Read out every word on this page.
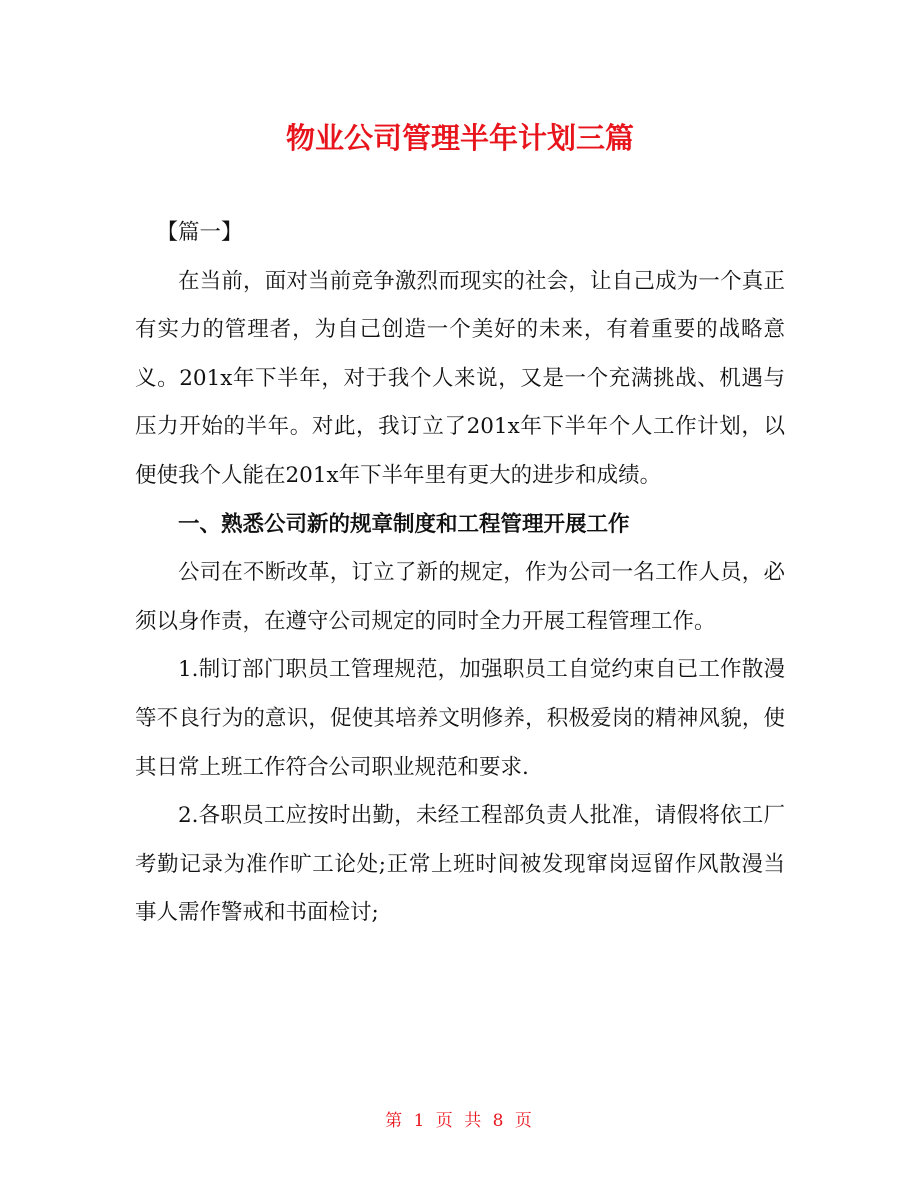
物业公司管理半年计划三篇

【篇一】

在当前，面对当前竞争激烈而现实的社会，让自己成为一个真正有实力的管理者，为自己创造一个美好的未来，有着重要的战略意义。201x年下半年，对于我个人来说，又是一个充满挑战、机遇与压力开始的半年。对此，我订立了201x年下半年个人工作计划，以便使我个人能在201x年下半年里有更大的进步和成绩。

一、熟悉公司新的规章制度和工程管理开展工作

公司在不断改革，订立了新的规定，作为公司一名工作人员，必须以身作责，在遵守公司规定的同时全力开展工程管理工作。

1.制订部门职员工管理规范，加强职员工自觉约束自已工作散漫等不良行为的意识，促使其培养文明修养，积极爱岗的精神风貌，使其日常上班工作符合公司职业规范和要求.

2.各职员工应按时出勤，未经工程部负责人批准，请假将依工厂考勤记录为准作旷工论处;正常上班时间被发现窜岗逗留作风散漫当事人需作警戒和书面检讨;

第 1 页 共 8 页
